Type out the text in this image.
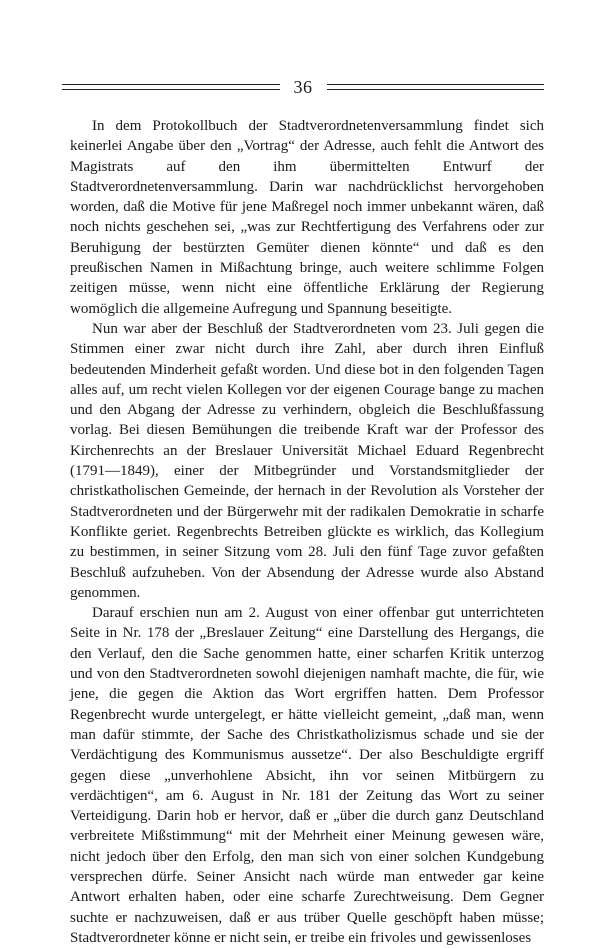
36

In dem Protokollbuch der Stadtverordnetenversammlung findet sich keinerlei Angabe über den „Vortrag“ der Adresse, auch fehlt die Antwort des Magistrats auf den ihm übermittelten Entwurf der Stadtverordnetenversammlung. Darin war nachdrücklichst hervorgehoben worden, daß die Motive für jene Maßregel noch immer unbekannt wären, daß noch nichts geschehen sei, „was zur Rechtfertigung des Verfahrens oder zur Beruhigung der bestürzten Gemüter dienen könnte“ und daß es den preußischen Namen in Mißachtung bringe, auch weitere schlimme Folgen zeitigen müsse, wenn nicht eine öffentliche Erklärung der Regierung womöglich die allgemeine Aufregung und Spannung beseitigte.

Nun war aber der Beschluß der Stadtverordneten vom 23. Juli gegen die Stimmen einer zwar nicht durch ihre Zahl, aber durch ihren Einfluß bedeutenden Minderheit gefaßt worden. Und diese bot in den folgenden Tagen alles auf, um recht vielen Kollegen vor der eigenen Courage bange zu machen und den Abgang der Adresse zu verhindern, obgleich die Beschlußfassung vorlag. Bei diesen Bemühungen die treibende Kraft war der Professor des Kirchenrechts an der Breslauer Universität Michael Eduard Regenbrecht (1791—1849), einer der Mitbegründer und Vorstandsmitglieder der christkatholischen Gemeinde, der hernach in der Revolution als Vorsteher der Stadtverordneten und der Bürgerwehr mit der radikalen Demokratie in scharfe Konflikte geriet. Regenbrechts Betreiben glückte es wirklich, das Kollegium zu bestimmen, in seiner Sitzung vom 28. Juli den fünf Tage zuvor gefaßten Beschluß aufzuheben. Von der Absendung der Adresse wurde also Abstand genommen.

Darauf erschien nun am 2. August von einer offenbar gut unterrichteten Seite in Nr. 178 der „Breslauer Zeitung“ eine Darstellung des Hergangs, die den Verlauf, den die Sache genommen hatte, einer scharfen Kritik unterzog und von den Stadtverordneten sowohl diejenigen namhaft machte, die für, wie jene, die gegen die Aktion das Wort ergriffen hatten. Dem Professor Regenbrecht wurde untergelegt, er hätte vielleicht gemeint, „daß man, wenn man dafür stimmte, der Sache des Christkatholizismus schade und sie der Verdächtigung des Kommunismus aussetze“. Der also Beschuldigte ergriff gegen diese „unverhohlene Absicht, ihn vor seinen Mitbürgern zu verdächtigen“, am 6. August in Nr. 181 der Zeitung das Wort zu seiner Verteidigung. Darin hob er hervor, daß er „über die durch ganz Deutschland verbreitete Mißstimmung“ mit der Mehrheit einer Meinung gewesen wäre, nicht jedoch über den Erfolg, den man sich von einer solchen Kundgebung versprechen dürfe. Seiner Ansicht nach würde man entweder gar keine Antwort erhalten haben, oder eine scharfe Zurechtweisung. Dem Gegner suchte er nachzuweisen, daß er aus trüber Quelle geschöpft haben müsse; Stadtverordneter könne er nicht sein, er treibe ein frivoles und gewissenloses
